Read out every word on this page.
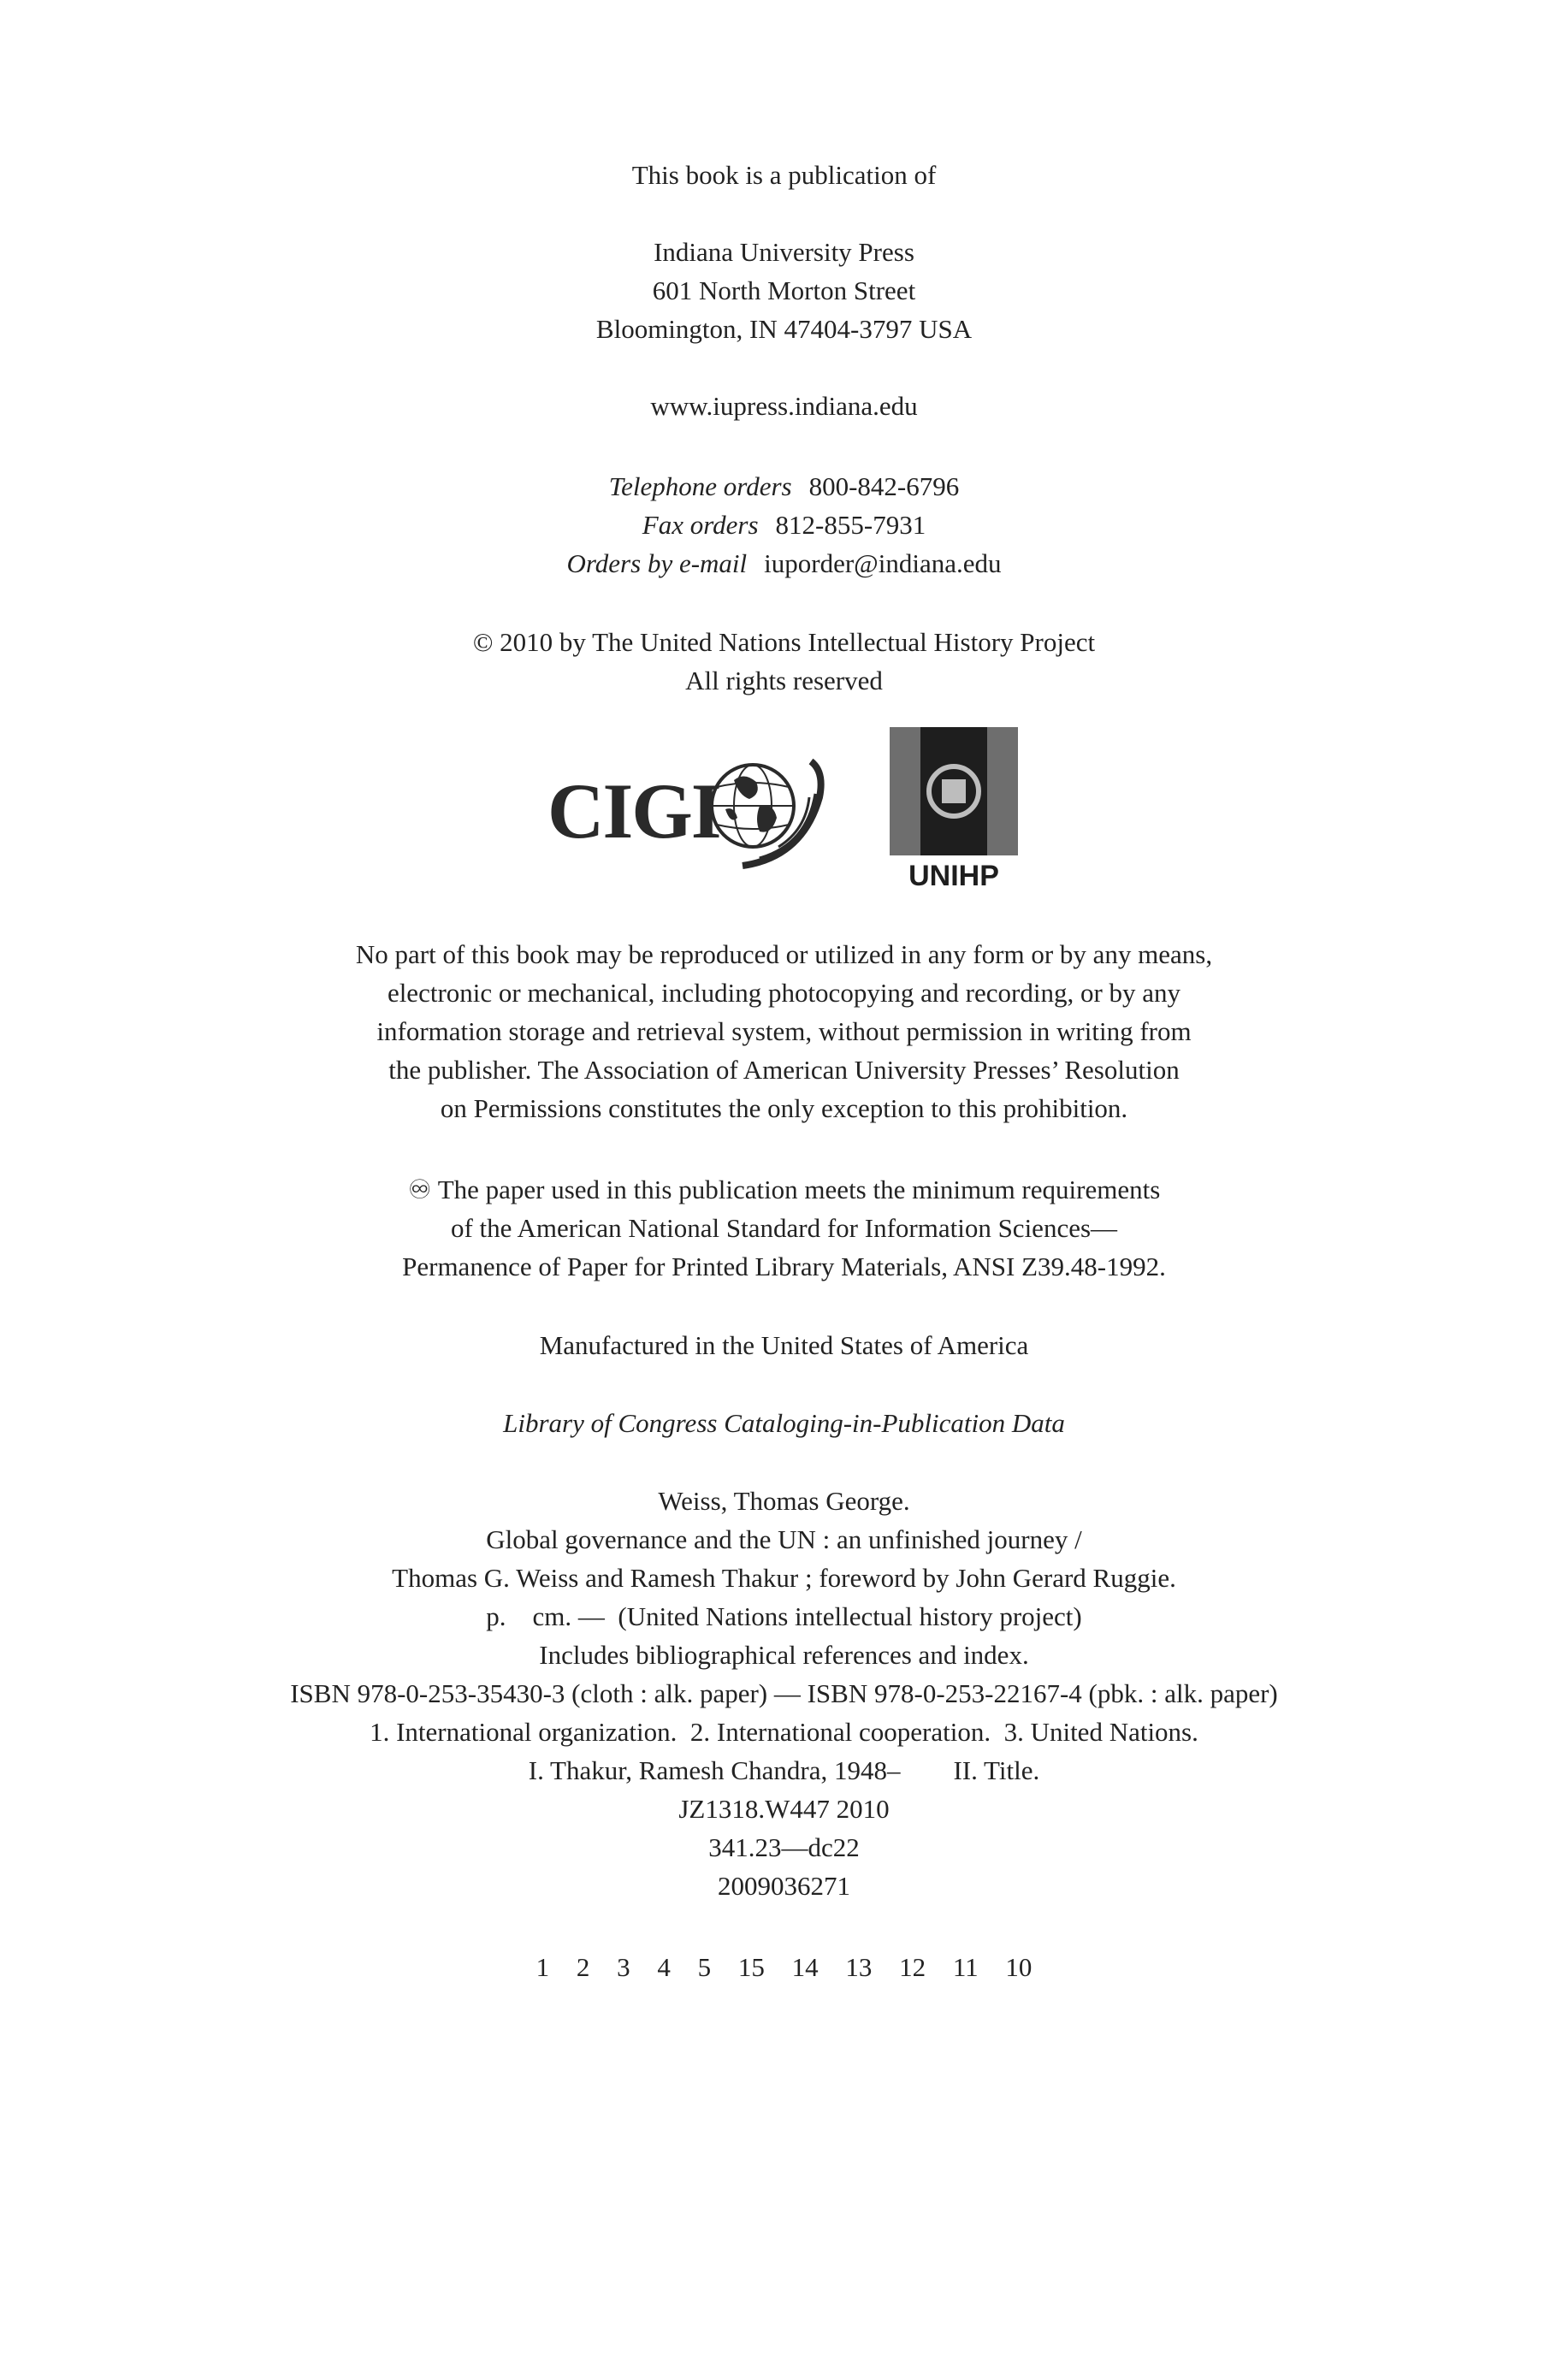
This book is a publication of
Indiana University Press
601 North Morton Street
Bloomington, IN 47404-3797 USA
www.iupress.indiana.edu
Telephone orders 800-842-6796
Fax orders 812-855-7931
Orders by e-mail iuporder@indiana.edu
© 2010 by The United Nations Intellectual History Project
All rights reserved
CIGI
UNIHP
No part of this book may be reproduced or utilized in any form or by any means,
electronic or mechanical, including photocopying and recording, or by any
information storage and retrieval system, without permission in writing from
the publisher. The Association of American University Presses’ Resolution
on Permissions constitutes the only exception to this prohibition.
♾ The paper used in this publication meets the minimum requirements
of the American National Standard for Information Sciences—
Permanence of Paper for Printed Library Materials, ANSI Z39.48-1992.
Manufactured in the United States of America
Library of Congress Cataloging-in-Publication Data
Weiss, Thomas George.
Global governance and the UN : an unfinished journey /
Thomas G. Weiss and Ramesh Thakur ; foreword by John Gerard Ruggie.
p.    cm. —  (United Nations intellectual history project)
Includes bibliographical references and index.
ISBN 978-0-253-35430-3 (cloth : alk. paper) — ISBN 978-0-253-22167-4 (pbk. : alk. paper)
1. International organization.  2. International cooperation.  3. United Nations.
I. Thakur, Ramesh Chandra, 1948–        II. Title.
JZ1318.W447 2010
341.23—dc22
2009036271
1 2 3 4 5 15 14 13 12 11 10
